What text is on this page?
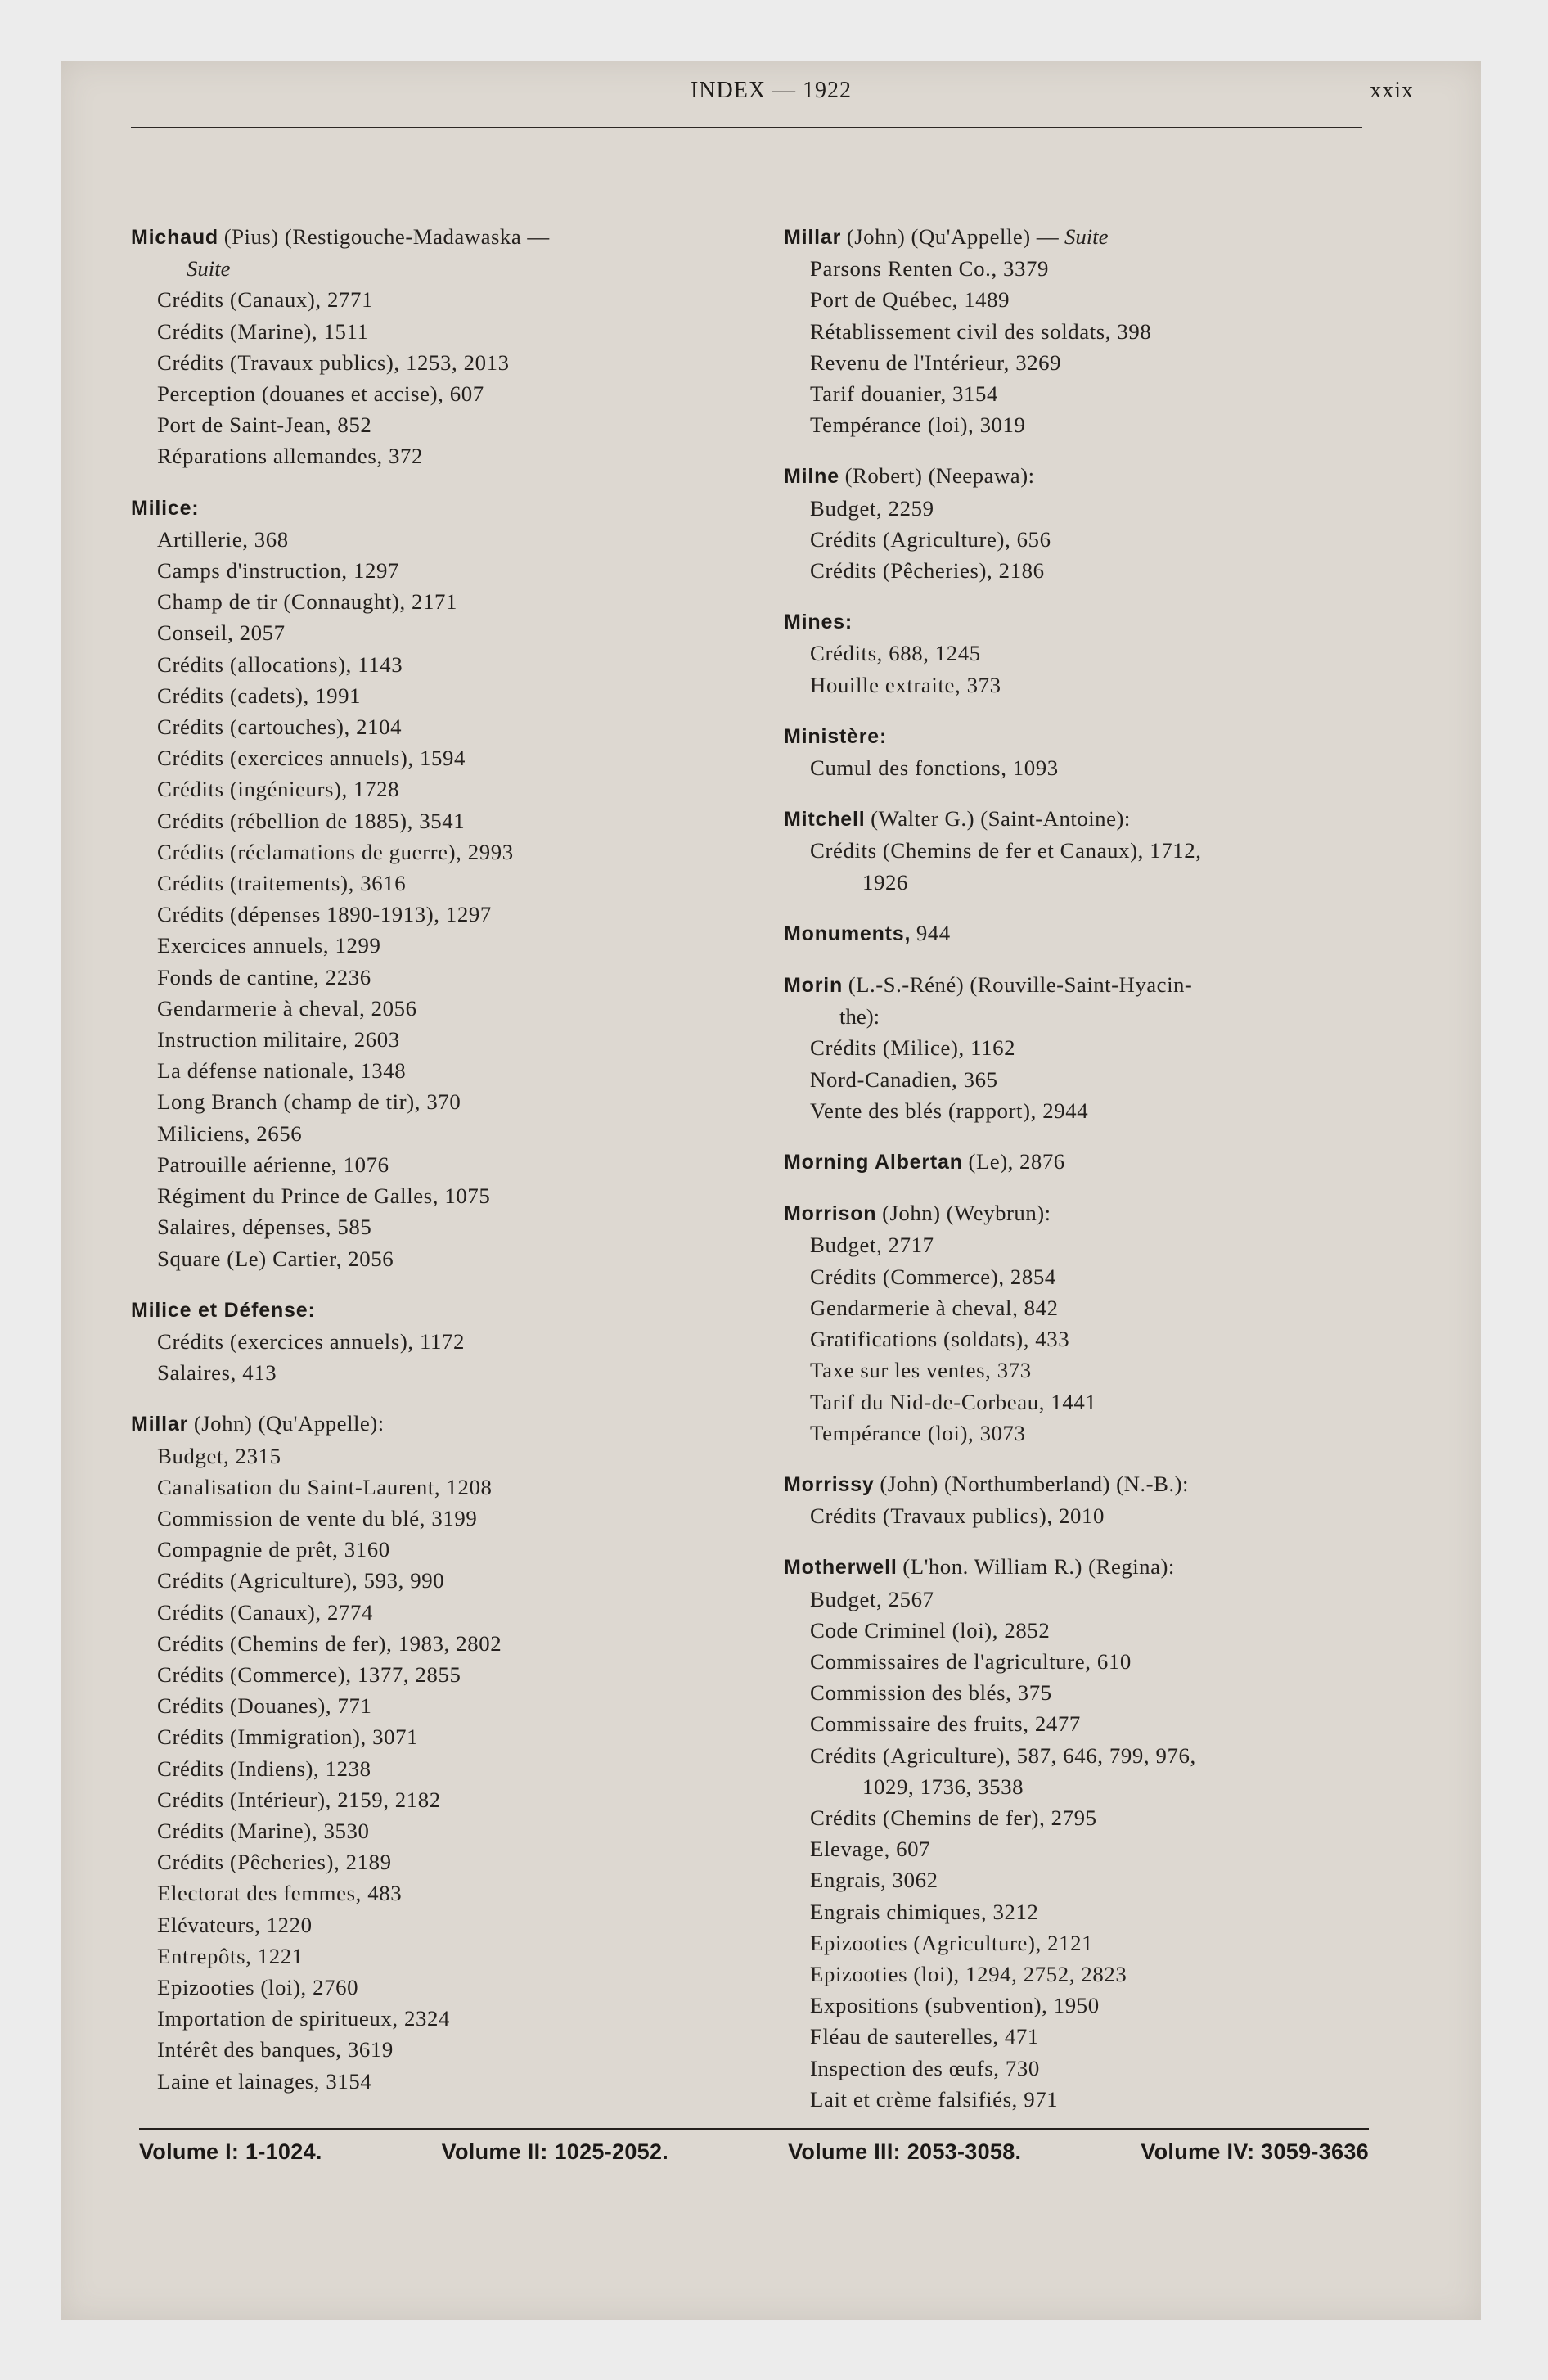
INDEX — 1922	xxix
Michaud (Pius) (Restigouche-Madawaska —
Suite
Crédits (Canaux), 2771
Crédits (Marine), 1511
Crédits (Travaux publics), 1253, 2013
Perception (douanes et accise), 607
Port de Saint-Jean, 852
Réparations allemandes, 372
Milice:
Artillerie, 368
Camps d'instruction, 1297
Champ de tir (Connaught), 2171
Conseil, 2057
Crédits (allocations), 1143
Crédits (cadets), 1991
Crédits (cartouches), 2104
Crédits (exercices annuels), 1594
Crédits (ingénieurs), 1728
Crédits (rébellion de 1885), 3541
Crédits (réclamations de guerre), 2993
Crédits (traitements), 3616
Crédits (dépenses 1890-1913), 1297
Exercices annuels, 1299
Fonds de cantine, 2236
Gendarmerie à cheval, 2056
Instruction militaire, 2603
La défense nationale, 1348
Long Branch (champ de tir), 370
Miliciens, 2656
Patrouille aérienne, 1076
Régiment du Prince de Galles, 1075
Salaires, dépenses, 585
Square (Le) Cartier, 2056
Milice et Défense:
Crédits (exercices annuels), 1172
Salaires, 413
Millar (John) (Qu'Appelle):
Budget, 2315
Canalisation du Saint-Laurent, 1208
Commission de vente du blé, 3199
Compagnie de prêt, 3160
Crédits (Agriculture), 593, 990
Crédits (Canaux), 2774
Crédits (Chemins de fer), 1983, 2802
Crédits (Commerce), 1377, 2855
Crédits (Douanes), 771
Crédits (Immigration), 3071
Crédits (Indiens), 1238
Crédits (Intérieur), 2159, 2182
Crédits (Marine), 3530
Crédits (Pêcheries), 2189
Electorat des femmes, 483
Elévateurs, 1220
Entrepôts, 1221
Epizooties (loi), 2760
Importation de spiritueux, 2324
Intérêt des banques, 3619
Laine et lainages, 3154
Millar (John) (Qu'Appelle) — Suite
Parsons Renten Co., 3379
Port de Québec, 1489
Rétablissement civil des soldats, 398
Revenu de l'Intérieur, 3269
Tarif douanier, 3154
Tempérance (loi), 3019
Milne (Robert) (Neepawa):
Budget, 2259
Crédits (Agriculture), 656
Crédits (Pêcheries), 2186
Mines:
Crédits, 688, 1245
Houille extraite, 373
Ministère:
Cumul des fonctions, 1093
Mitchell (Walter G.) (Saint-Antoine):
Crédits (Chemins de fer et Canaux), 1712,
1926
Monuments, 944
Morin (L.-S.-Réné) (Rouville-Saint-Hyacin-
the):
Crédits (Milice), 1162
Nord-Canadien, 365
Vente des blés (rapport), 2944
Morning Albertan (Le), 2876
Morrison (John) (Weybrun):
Budget, 2717
Crédits (Commerce), 2854
Gendarmerie à cheval, 842
Gratifications (soldats), 433
Taxe sur les ventes, 373
Tarif du Nid-de-Corbeau, 1441
Tempérance (loi), 3073
Morrissy (John) (Northumberland) (N.-B.):
Crédits (Travaux publics), 2010
Motherwell (L'hon. William R.) (Regina):
Budget, 2567
Code Criminel (loi), 2852
Commissaires de l'agriculture, 610
Commission des blés, 375
Commissaire des fruits, 2477
Crédits (Agriculture), 587, 646, 799, 976,
1029, 1736, 3538
Crédits (Chemins de fer), 2795
Elevage, 607
Engrais, 3062
Engrais chimiques, 3212
Epizooties (Agriculture), 2121
Epizooties (loi), 1294, 2752, 2823
Expositions (subvention), 1950
Fléau de sauterelles, 471
Inspection des œufs, 730
Lait et crème falsifiés, 971
Volume I: 1-1024.	Volume II: 1025-2052.	Volume III: 2053-3058.	Volume IV: 3059-3636
